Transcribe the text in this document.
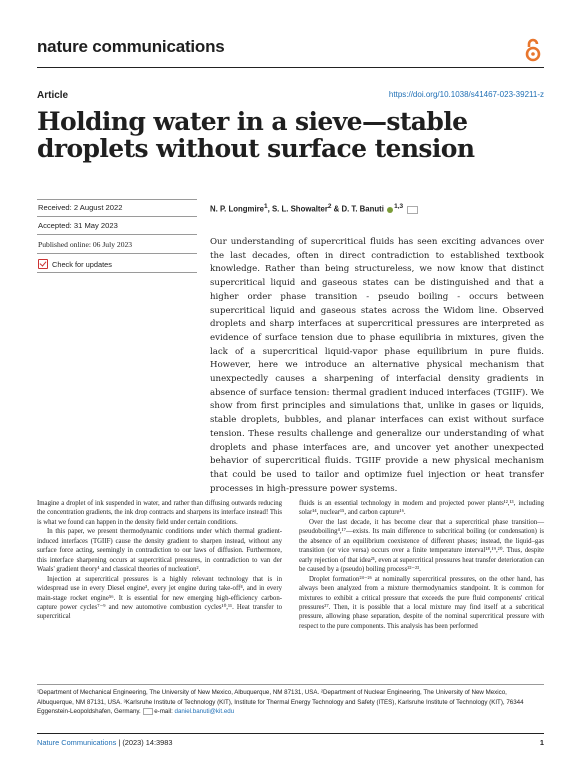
nature communications
Article	https://doi.org/10.1038/s41467-023-39211-z
Holding water in a sieve—stable droplets without surface tension
Received: 2 August 2022
Accepted: 31 May 2023
Published online: 06 July 2023
Check for updates
N. P. Longmire$^1$, S. L. Showalter$^2$ & D. T. Banuti $^{1,3}$
Our understanding of supercritical fluids has seen exciting advances over the last decades, often in direct contradiction to established textbook knowledge. Rather than being structureless, we now know that distinct supercritical liquid and gaseous states can be distinguished and that a higher order phase transition - pseudo boiling - occurs between supercritical liquid and gaseous states across the Widom line. Observed droplets and sharp interfaces at supercritical pressures are interpreted as evidence of surface tension due to phase equilibria in mixtures, given the lack of a supercritical liquid-vapor phase equilibrium in pure fluids. However, here we introduce an alternative physical mechanism that unexpectedly causes a sharpening of interfacial density gradients in absence of surface tension: thermal gradient induced interfaces (TGIIF). We show from first principles and simulations that, unlike in gases or liquids, stable droplets, bubbles, and planar interfaces can exist without surface tension. These results challenge and generalize our understanding of what droplets and phase interfaces are, and uncover yet another unexpected behavior of supercritical fluids. TGIIF provide a new physical mechanism that could be used to tailor and optimize fuel injection or heat transfer processes in high-pressure power systems.

Imagine a droplet of ink suspended in water, and rather than diffusing outwards reducing the concentration gradients, the ink drop contracts and sharpens its interface instead! This is what we found can happen in the density field under certain conditions.

In this paper, we present thermodynamic conditions under which thermal gradient-induced interfaces (TGIIF) cause the density gradient to sharpen instead, without any surface force acting, seemingly in contradiction to our laws of diffusion. Furthermore, this interface sharpening occurs at supercritical pressures, in contradiction to van der Waals' gradient theory¹ and classical theories of nucleation².

Injection at supercritical pressures is a highly relevant technology that is in widespread use in every Diesel engine³, every jet engine during take-off⁴, and in every main-stage rocket engine⁵⁶. It is essential for new emerging high-efficiency carbon-capture power cycles⁷⁻⁹ and new automotive combustion cycles¹⁰,¹¹. Heat transfer to supercritical

fluids is an essential technology in modern and projected power plants¹²,¹³, including solar¹⁴, nuclear¹⁵, and carbon capture¹⁶.

Over the last decade, it has become clear that a supercritical phase transition—pseudoboiling⁴,¹⁷—exists. Its main difference to subcritical boiling (or condensation) is the absence of an equilibrium coexistence of different phases; instead, the liquid–gas transition (or vice versa) occurs over a finite temperature interval¹⁸,¹⁹,²⁰. Thus, despite early rejection of that idea²¹, even at supercritical pressures heat transfer deterioration can be caused by a (pseudo) boiling process²²⁻²³.

Droplet formation²⁴⁻²⁶ at nominally supercritical pressures, on the other hand, has always been analyzed from a mixture thermodynamics standpoint. It is common for mixtures to exhibit a critical pressure that exceeds the pure fluid components' critical pressures²⁷. Then, it is possible that a local mixture may find itself at a subcritical pressure, allowing phase separation, despite of the nominal supercritical pressure with respect to the pure components. This analysis has been performed

¹Department of Mechanical Engineering, The University of New Mexico, Albuquerque, NM 87131, USA. ²Department of Nuclear Engineering, The University of New Mexico, Albuquerque, NM 87131, USA. ³Karlsruhe Institute of Technology (KIT), Institute for Thermal Energy Technology and Safety (ITES), Karlsruhe Institute of Technology (KIT), 76344 Eggenstein-Leopoldshafen, Germany. e-mail: daniel.banuti@kit.edu
Nature Communications | (2023) 14:3983	1
